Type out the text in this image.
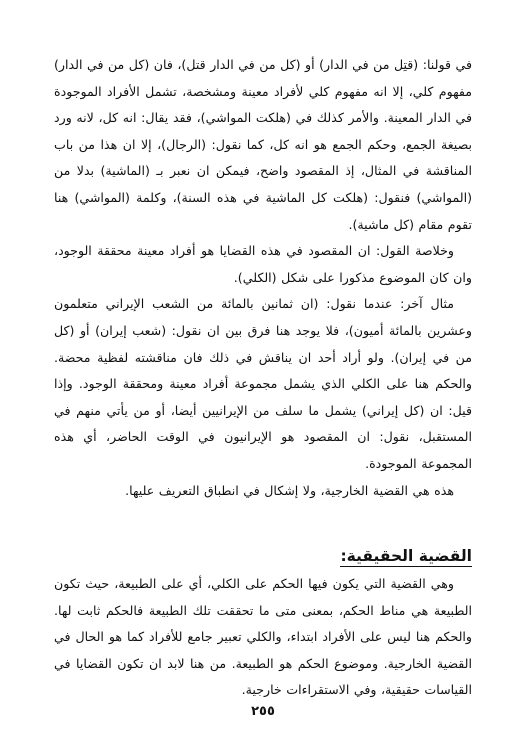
في قولنا: (قتِل من في الدار) أو (كل من في الدار قتل)، فان (كل من في الدار) مفهوم كلي، إلا انه مفهوم كلي لأفراد معينة ومشخصة، تشمل الأفراد الموجودة في الدار المعينة. والأمر كذلك في (هلكت المواشي)، فقد يقال: انه كل، لانه ورد بصيغة الجمع، وحكم الجمع هو انه كل، كما نقول: (الرجال)، إلا ان هذا من باب المناقشة في المثال، إذ المقصود واضح، فيمكن ان نعبر بـ (الماشية) بدلا من (المواشي) فنقول: (هلكت كل الماشية في هذه السنة)، وكلمة (المواشي) هنا تقوم مقام (كل ماشية).

وخلاصة القول: ان المقصود في هذه القضايا هو أفراد معينة محققة الوجود، وان كان الموضوع مذكورا على شكل (الكلي).

مثال آخر: عندما نقول: (ان ثمانين بالمائة من الشعب الإيراني متعلمون وعشرين بالمائة أميون)، فلا يوجد هنا فرق بين ان نقول: (شعب إيران) أو (كل من في إيران). ولو أراد أحد ان يناقش في ذلك فان مناقشته لفظية محضة. والحكم هنا على الكلي الذي يشمل مجموعة أفراد معينة ومحققة الوجود. وإذا قيل: ان (كل إيراني) يشمل ما سلف من الإيرانيين أيضا، أو من يأتي منهم في المستقبل، نقول: ان المقصود هو الإيرانيون في الوقت الحاضر، أي هذه المجموعة الموجودة.

هذه هي القضية الخارجية، ولا إشكال في انطباق التعريف عليها.

القضية الحقيقية:

وهي القضية التي يكون فيها الحكم على الكلي، أي على الطبيعة، حيث تكون الطبيعة هي مناط الحكم، بمعنى متى ما تحققت تلك الطبيعة فالحكم ثابت لها. والحكم هنا ليس على الأفراد ابتداء، والكلي تعبير جامع للأفراد كما هو الحال في القضية الخارجية. وموضوع الحكم هو الطبيعة. من هنا لابد ان تكون القضايا في القياسات حقيقية، وفي الاستقراءات خارجية.

٢٥٥
